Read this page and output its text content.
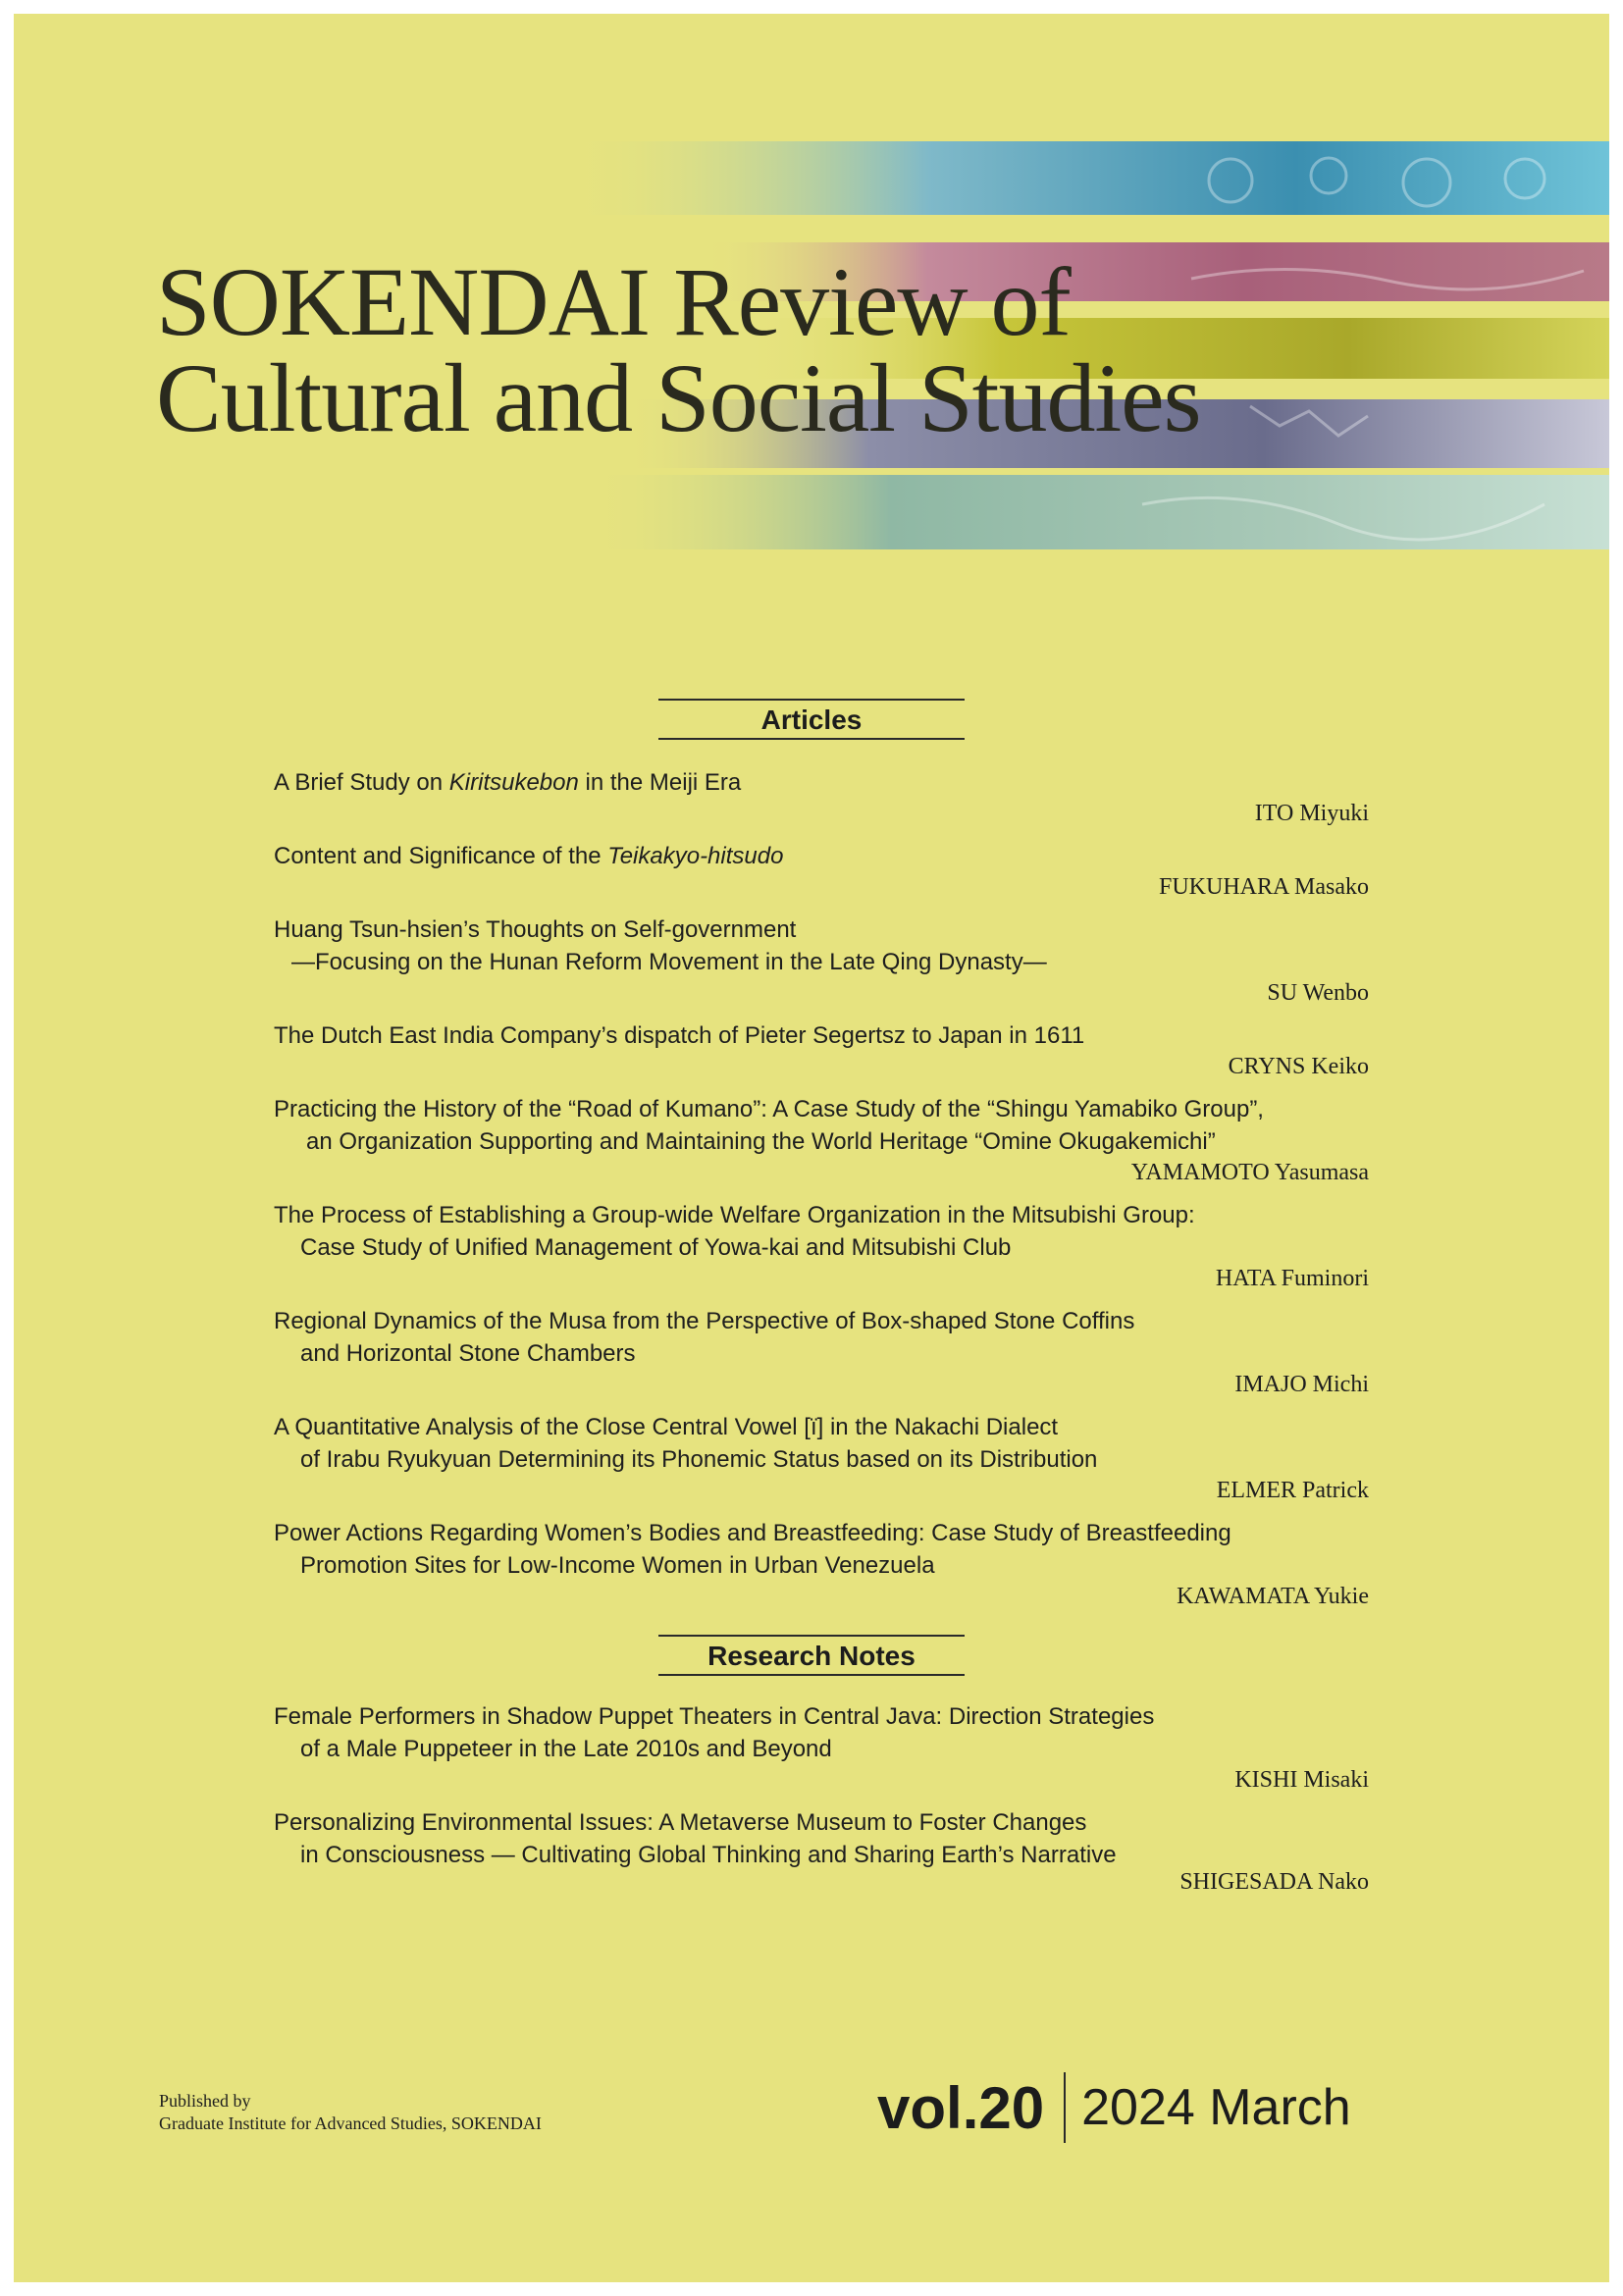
SOKENDAI Review of
Cultural and Social Studies
Articles
A Brief Study on Kiritsukebon in the Meiji Era
ITO Miyuki
Content and Significance of the Teikakyo-hitsudo
FUKUHARA Masako
Huang Tsun-hsien’s Thoughts on Self-government
—Focusing on the Hunan Reform Movement in the Late Qing Dynasty—
SU Wenbo
The Dutch East India Company’s dispatch of Pieter Segertsz to Japan in 1611
CRYNS Keiko
Practicing the History of the “Road of Kumano”: A Case Study of the “Shingu Yamabiko Group”,
an Organization Supporting and Maintaining the World Heritage “Omine Okugakemichi”
YAMAMOTO Yasumasa
The Process of Establishing a Group-wide Welfare Organization in the Mitsubishi Group:
Case Study of Unified Management of Yowa-kai and Mitsubishi Club
HATA Fuminori
Regional Dynamics of the Musa from the Perspective of Box-shaped Stone Coffins
and Horizontal Stone Chambers
IMAJO Michi
A Quantitative Analysis of the Close Central Vowel [ï] in the Nakachi Dialect
of Irabu Ryukyuan Determining its Phonemic Status based on its Distribution
ELMER Patrick
Power Actions Regarding Women’s Bodies and Breastfeeding: Case Study of Breastfeeding
Promotion Sites for Low-Income Women in Urban Venezuela
KAWAMATA Yukie
Research Notes
Female Performers in Shadow Puppet Theaters in Central Java: Direction Strategies
of a Male Puppeteer in the Late 2010s and Beyond
KISHI Misaki
Personalizing Environmental Issues: A Metaverse Museum to Foster Changes
in Consciousness — Cultivating Global Thinking and Sharing Earth’s Narrative
SHIGESADA Nako
Published by
Graduate Institute for Advanced Studies, SOKENDAI	vol.20 2024 March
